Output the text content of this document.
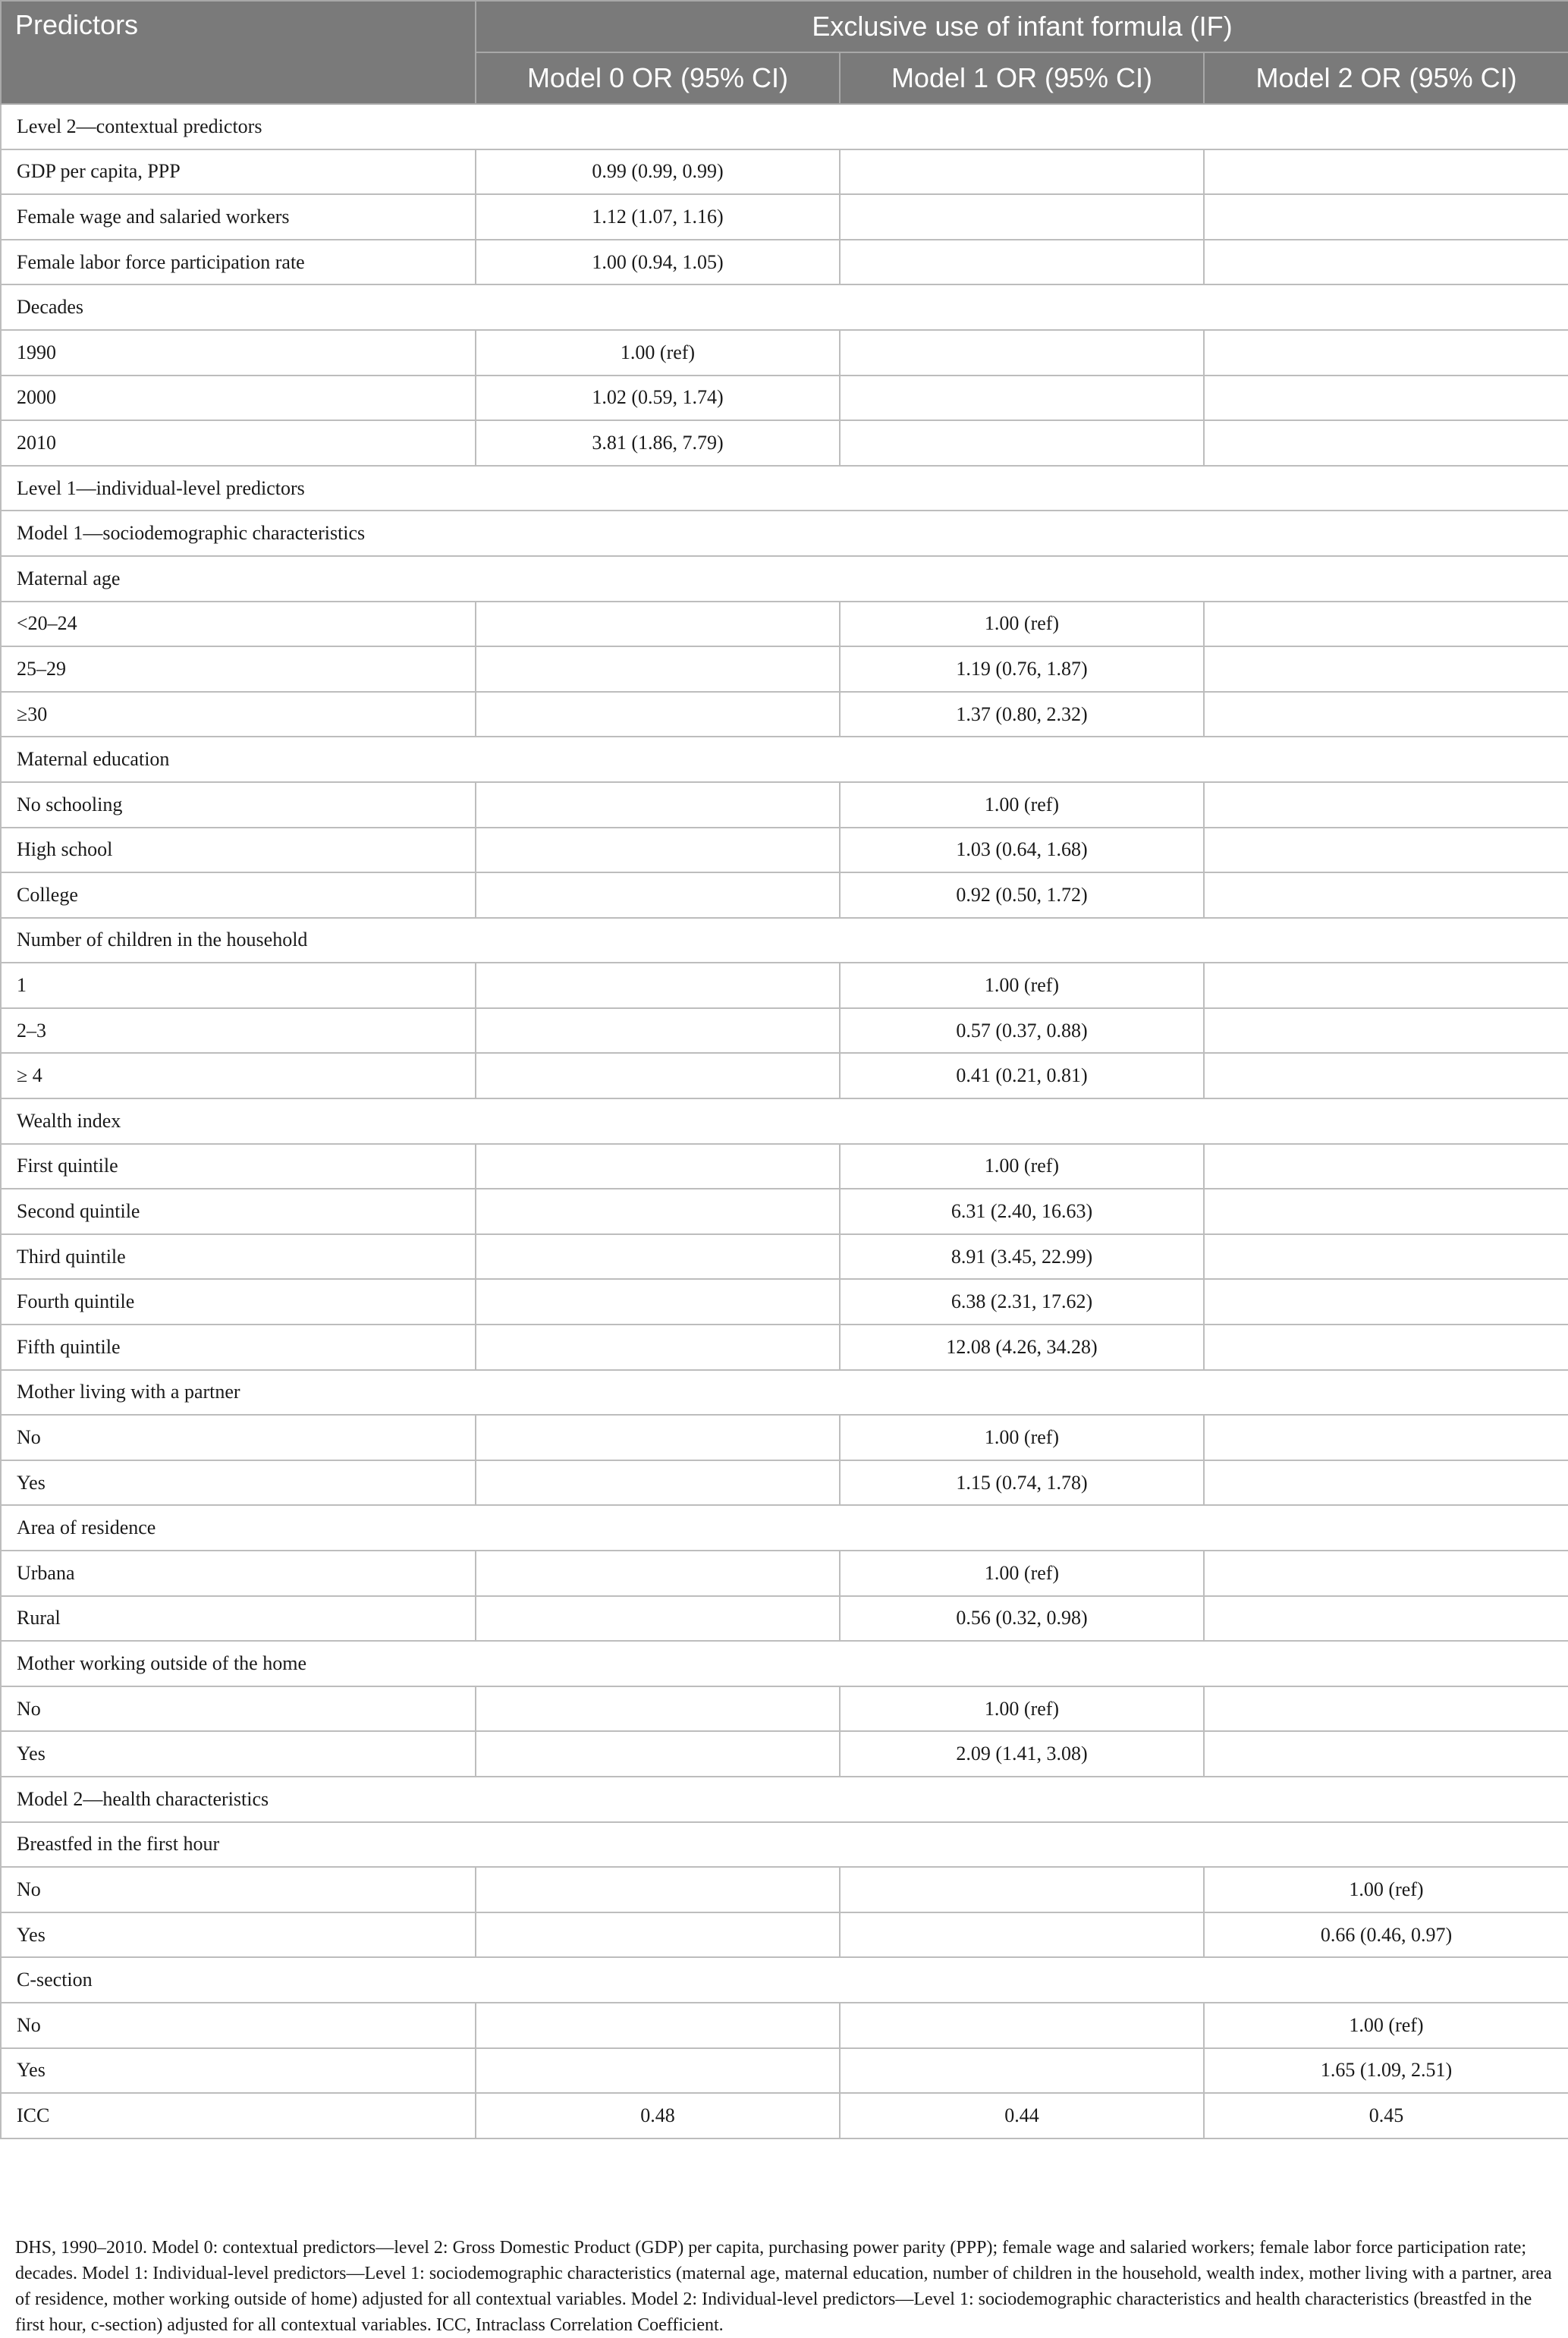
Predictors	Exclusive use of infant formula (IF)		
	Model 0 OR (95% CI)	Model 1 OR (95% CI)	Model 2 OR (95% CI)
Level 2—contextual predictors			
GDP per capita, PPP	0.99 (0.99, 0.99)		
Female wage and salaried workers	1.12 (1.07, 1.16)		
Female labor force participation rate	1.00 (0.94, 1.05)		
Decades			
1990	1.00 (ref)		
2000	1.02 (0.59, 1.74)		
2010	3.81 (1.86, 7.79)		
Level 1—individual-level predictors			
Model 1—sociodemographic characteristics			
Maternal age			
<20–24		1.00 (ref)	
25–29		1.19 (0.76, 1.87)	
≥30		1.37 (0.80, 2.32)	
Maternal education			
No schooling		1.00 (ref)	
High school		1.03 (0.64, 1.68)	
College		0.92 (0.50, 1.72)	
Number of children in the household			
1		1.00 (ref)	
2–3		0.57 (0.37, 0.88)	
≥ 4		0.41 (0.21, 0.81)	
Wealth index			
First quintile		1.00 (ref)	
Second quintile		6.31 (2.40, 16.63)	
Third quintile		8.91 (3.45, 22.99)	
Fourth quintile		6.38 (2.31, 17.62)	
Fifth quintile		12.08 (4.26, 34.28)	
Mother living with a partner			
No		1.00 (ref)	
Yes		1.15 (0.74, 1.78)	
Area of residence			
Urbana		1.00 (ref)	
Rural		0.56 (0.32, 0.98)	
Mother working outside of the home			
No		1.00 (ref)	
Yes		2.09 (1.41, 3.08)	
Model 2—health characteristics			
Breastfed in the first hour			
No			1.00 (ref)
Yes			0.66 (0.46, 0.97)
C-section			
No			1.00 (ref)
Yes			1.65 (1.09, 2.51)
ICC	0.48	0.44	0.45
DHS, 1990–2010. Model 0: contextual predictors—level 2: Gross Domestic Product (GDP) per capita, purchasing power parity (PPP); female wage and salaried workers; female labor force participation rate; decades. Model 1: Individual-level predictors—Level 1: sociodemographic characteristics (maternal age, maternal education, number of children in the household, wealth index, mother living with a partner, area of residence, mother working outside of home) adjusted for all contextual variables. Model 2: Individual-level predictors—Level 1: sociodemographic characteristics and health characteristics (breastfed in the first hour, c-section) adjusted for all contextual variables. ICC, Intraclass Correlation Coefficient.
